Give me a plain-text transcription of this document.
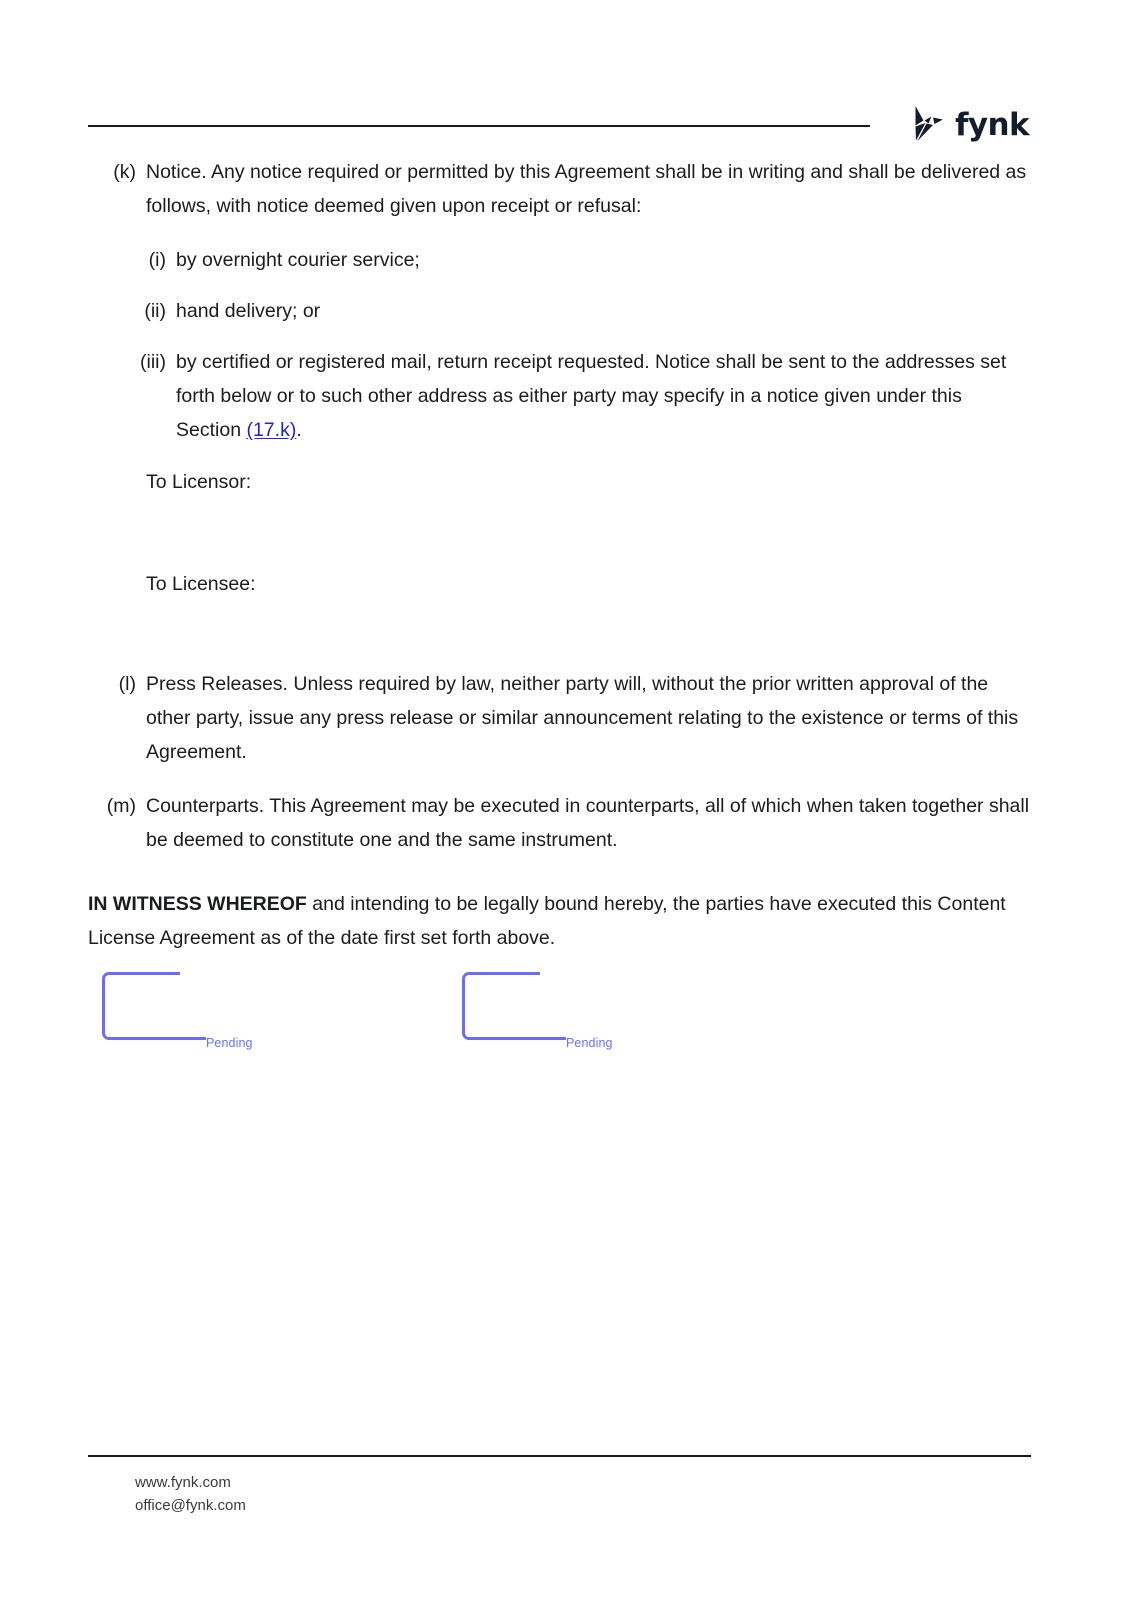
fynk

(k) Notice. Any notice required or permitted by this Agreement shall be in writing and shall be delivered as follows, with notice deemed given upon receipt or refusal:

(i) by overnight courier service;

(ii) hand delivery; or

(iii) by certified or registered mail, return receipt requested. Notice shall be sent to the addresses set forth below or to such other address as either party may specify in a notice given under this Section (17.k).

To Licensor:

To Licensee:

(l) Press Releases. Unless required by law, neither party will, without the prior written approval of the other party, issue any press release or similar announcement relating to the existence or terms of this Agreement.

(m) Counterparts. This Agreement may be executed in counterparts, all of which when taken together shall be deemed to constitute one and the same instrument.

IN WITNESS WHEREOF and intending to be legally bound hereby, the parties have executed this Content License Agreement as of the date first set forth above.

Pending	Pending
www.fynk.com
office@fynk.com
